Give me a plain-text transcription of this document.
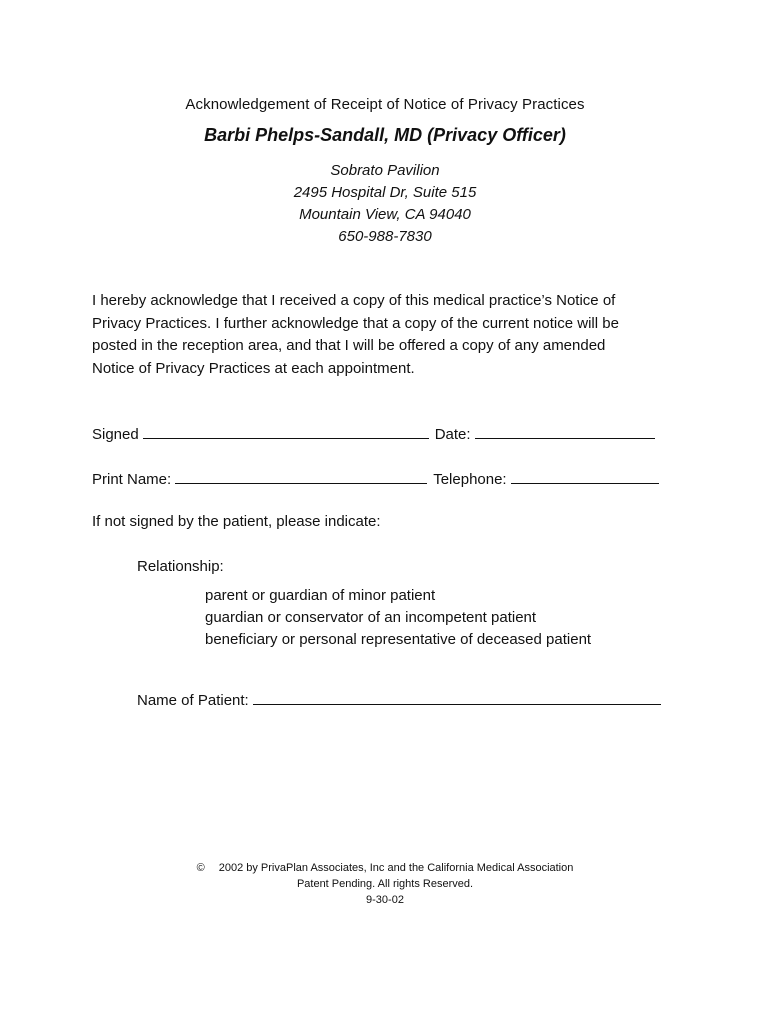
Acknowledgement of Receipt of Notice of Privacy Practices
Barbi Phelps-Sandall, MD (Privacy Officer)
Sobrato Pavilion
2495 Hospital Dr, Suite 515
Mountain View, CA 94040
650-988-7830
I hereby acknowledge that I received a copy of this medical practice’s Notice of
Privacy Practices. I further acknowledge that a copy of the current notice will be
posted in the reception area, and that I will be offered a copy of any amended
Notice of Privacy Practices at each appointment.
Signed	Date:
Print Name:	Telephone:
If not signed by the patient, please indicate:
Relationship:
parent or guardian of minor patient
guardian or conservator of an incompetent patient
beneficiary or personal representative of deceased patient
Name of Patient:
© 2002 by PrivaPlan Associates, Inc and the California Medical Association
Patent Pending. All rights Reserved.
9-30-02
